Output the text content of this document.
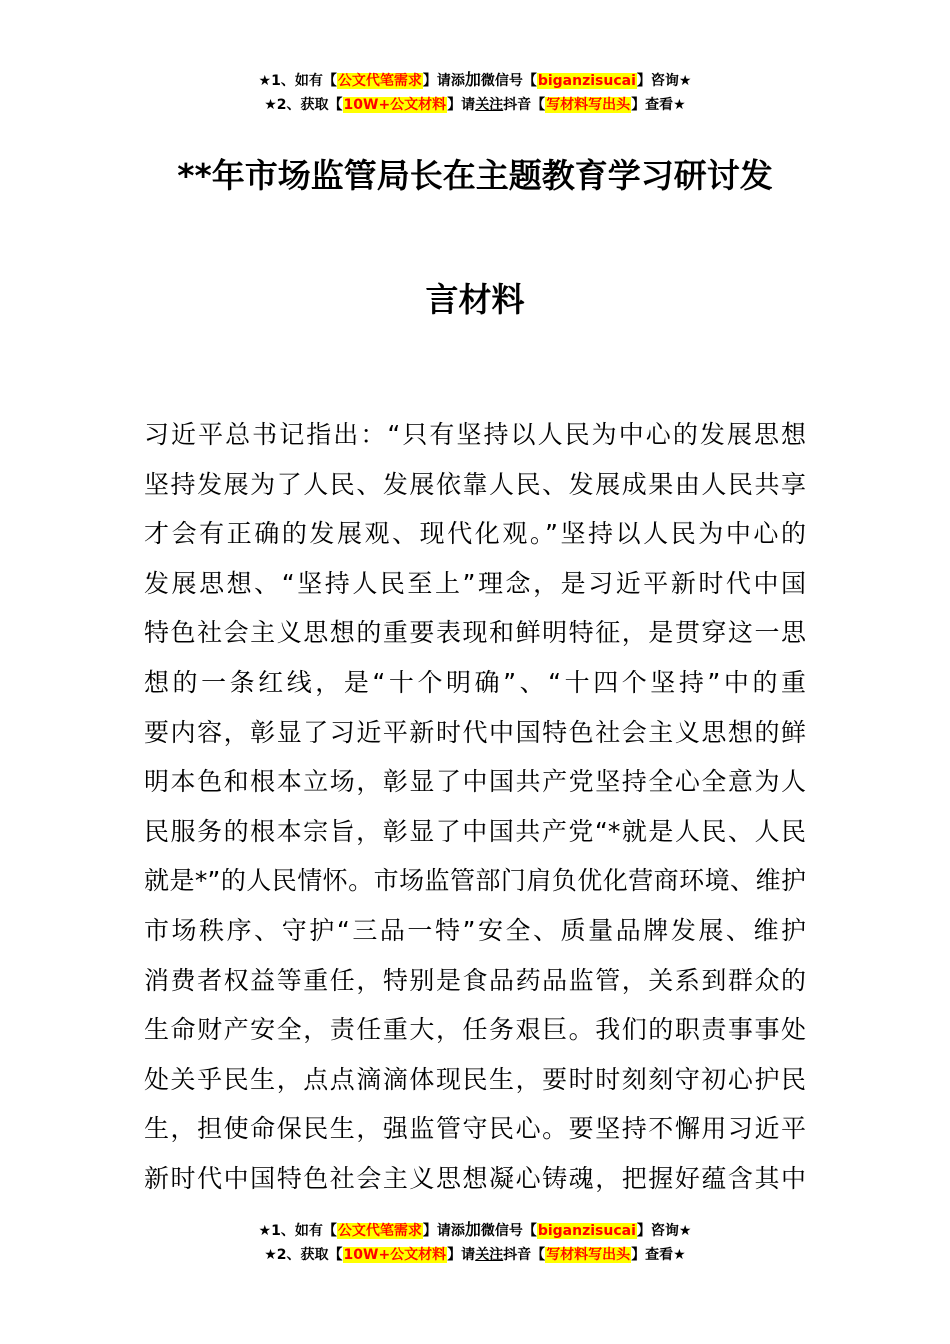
★1、如有【公文代笔需求】请添加微信号【biganzisucai】咨询★
★2、获取【10W+公文材料】请关注抖音【写材料写出头】查看★
**年市场监管局长在主题教育学习研讨发
言材料
习近平总书记指出：“只有坚持以人民为中心的发展思想
坚持发展为了人民、发展依靠人民、发展成果由人民共享
才会有正确的发展观、现代化观。”坚持以人民为中心的
发展思想、“坚持人民至上”理念，是习近平新时代中国
特色社会主义思想的重要表现和鲜明特征，是贯穿这一思
想的一条红线，是“十个明确”、“十四个坚持”中的重
要内容，彰显了习近平新时代中国特色社会主义思想的鲜
明本色和根本立场，彰显了中国共产党坚持全心全意为人
民服务的根本宗旨，彰显了中国共产党“*就是人民、人民
就是*”的人民情怀。市场监管部门肩负优化营商环境、维护
市场秩序、守护“三品一特”安全、质量品牌发展、维护
消费者权益等重任，特别是食品药品监管，关系到群众的
生命财产安全，责任重大，任务艰巨。我们的职责事事处
处关乎民生，点点滴滴体现民生，要时时刻刻守初心护民
生，担使命保民生，强监管守民心。要坚持不懈用习近平
新时代中国特色社会主义思想凝心铸魂，把握好蕴含其中
★1、如有【公文代笔需求】请添加微信号【biganzisucai】咨询★
★2、获取【10W+公文材料】请关注抖音【写材料写出头】查看★
